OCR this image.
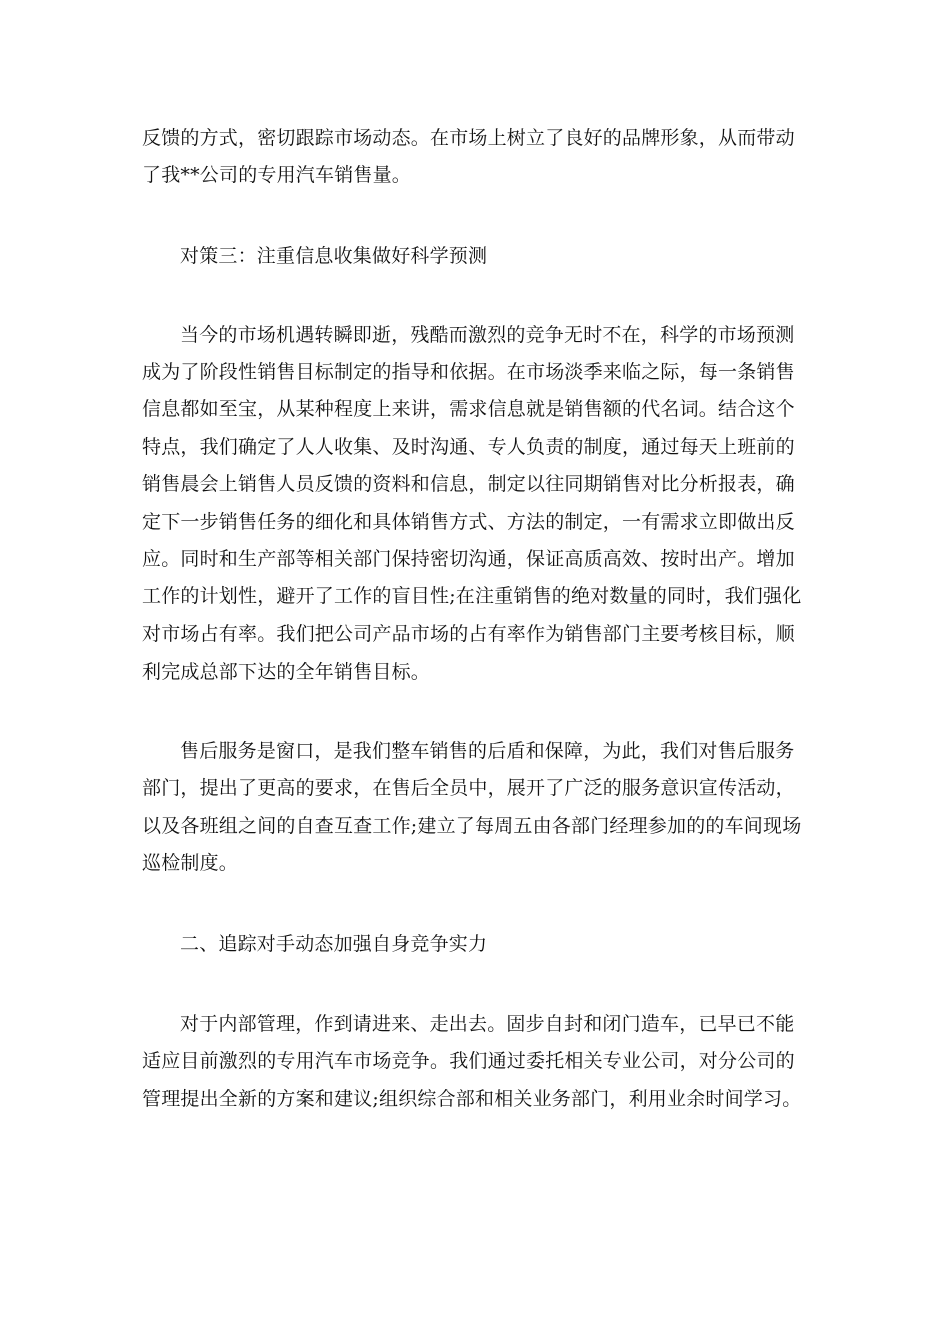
反馈的方式，密切跟踪市场动态。在市场上树立了良好的品牌形象，从而带动
了我**公司的专用汽车销售量。
对策三：注重信息收集做好科学预测
当今的市场机遇转瞬即逝，残酷而激烈的竞争无时不在，科学的市场预测
成为了阶段性销售目标制定的指导和依据。在市场淡季来临之际，每一条销售
信息都如至宝，从某种程度上来讲，需求信息就是销售额的代名词。结合这个
特点，我们确定了人人收集、及时沟通、专人负责的制度，通过每天上班前的
销售晨会上销售人员反馈的资料和信息，制定以往同期销售对比分析报表，确
定下一步销售任务的细化和具体销售方式、方法的制定，一有需求立即做出反
应。同时和生产部等相关部门保持密切沟通，保证高质高效、按时出产。增加
工作的计划性，避开了工作的盲目性;在注重销售的绝对数量的同时，我们强化
对市场占有率。我们把公司产品市场的占有率作为销售部门主要考核目标，顺
利完成总部下达的全年销售目标。
售后服务是窗口，是我们整车销售的后盾和保障，为此，我们对售后服务
部门，提出了更高的要求，在售后全员中，展开了广泛的服务意识宣传活动，
以及各班组之间的自查互查工作;建立了每周五由各部门经理参加的的车间现场
巡检制度。
二、追踪对手动态加强自身竞争实力
对于内部管理，作到请进来、走出去。固步自封和闭门造车，已早已不能
适应目前激烈的专用汽车市场竞争。我们通过委托相关专业公司，对分公司的
管理提出全新的方案和建议;组织综合部和相关业务部门，利用业余时间学习。
